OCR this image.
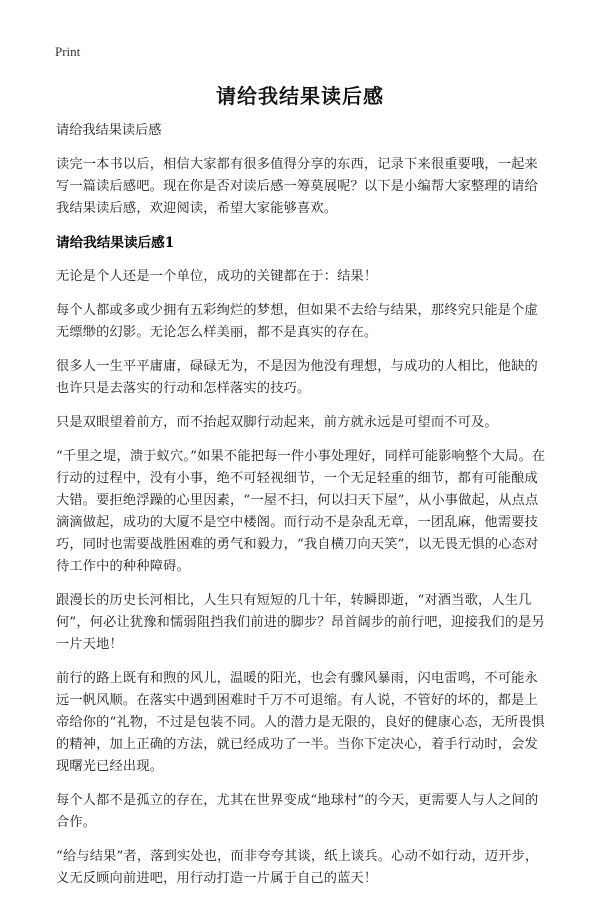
Print
请给我结果读后感

请给我结果读后感

读完一本书以后，相信大家都有很多值得分享的东西，记录下来很重要哦，一起来写一篇读后感吧。现在你是否对读后感一筹莫展呢？以下是小编帮大家整理的请给我结果读后感，欢迎阅读，希望大家能够喜欢。

请给我结果读后感1

无论是个人还是一个单位，成功的关键都在于：结果！

每个人都或多或少拥有五彩绚烂的梦想，但如果不去给与结果，那终究只能是个虚无缥缈的幻影。无论怎么样美丽，都不是真实的存在。

很多人一生平平庸庸，碌碌无为，不是因为他没有理想，与成功的人相比，他缺的也许只是去落实的行动和怎样落实的技巧。

只是双眼望着前方，而不抬起双脚行动起来，前方就永远是可望而不可及。

“千里之堤，溃于蚁穴。”如果不能把每一件小事处理好，同样可能影响整个大局。在行动的过程中，没有小事，绝不可轻视细节，一个无足轻重的细节，都有可能酿成大错。要拒绝浮躁的心里因素，“一屋不扫，何以扫天下屋”，从小事做起，从点点滴滴做起，成功的大厦不是空中楼阁。而行动不是杂乱无章，一团乱麻，他需要技巧，同时也需要战胜困难的勇气和毅力，“我自横刀向天笑”，以无畏无惧的心态对待工作中的种种障碍。

跟漫长的历史长河相比，人生只有短短的几十年，转瞬即逝，“对酒当歌，人生几何”，何必让犹豫和懦弱阻挡我们前进的脚步？昂首阔步的前行吧，迎接我们的是另一片天地！

前行的路上既有和煦的风儿，温暖的阳光，也会有骤风暴雨，闪电雷鸣，不可能永远一帆风顺。在落实中遇到困难时千万不可退缩。有人说，不管好的坏的，都是上帝给你的“礼物，不过是包装不同。人的潜力是无限的，良好的健康心态，无所畏惧的精神，加上正确的方法，就已经成功了一半。当你下定决心，着手行动时，会发现曙光已经出现。

每个人都不是孤立的存在，尤其在世界变成“地球村”的今天，更需要人与人之间的合作。

“给与结果”者，落到实处也，而非夸夸其谈，纸上谈兵。心动不如行动，迈开步，义无反顾向前进吧，用行动打造一片属于自己的蓝天！
